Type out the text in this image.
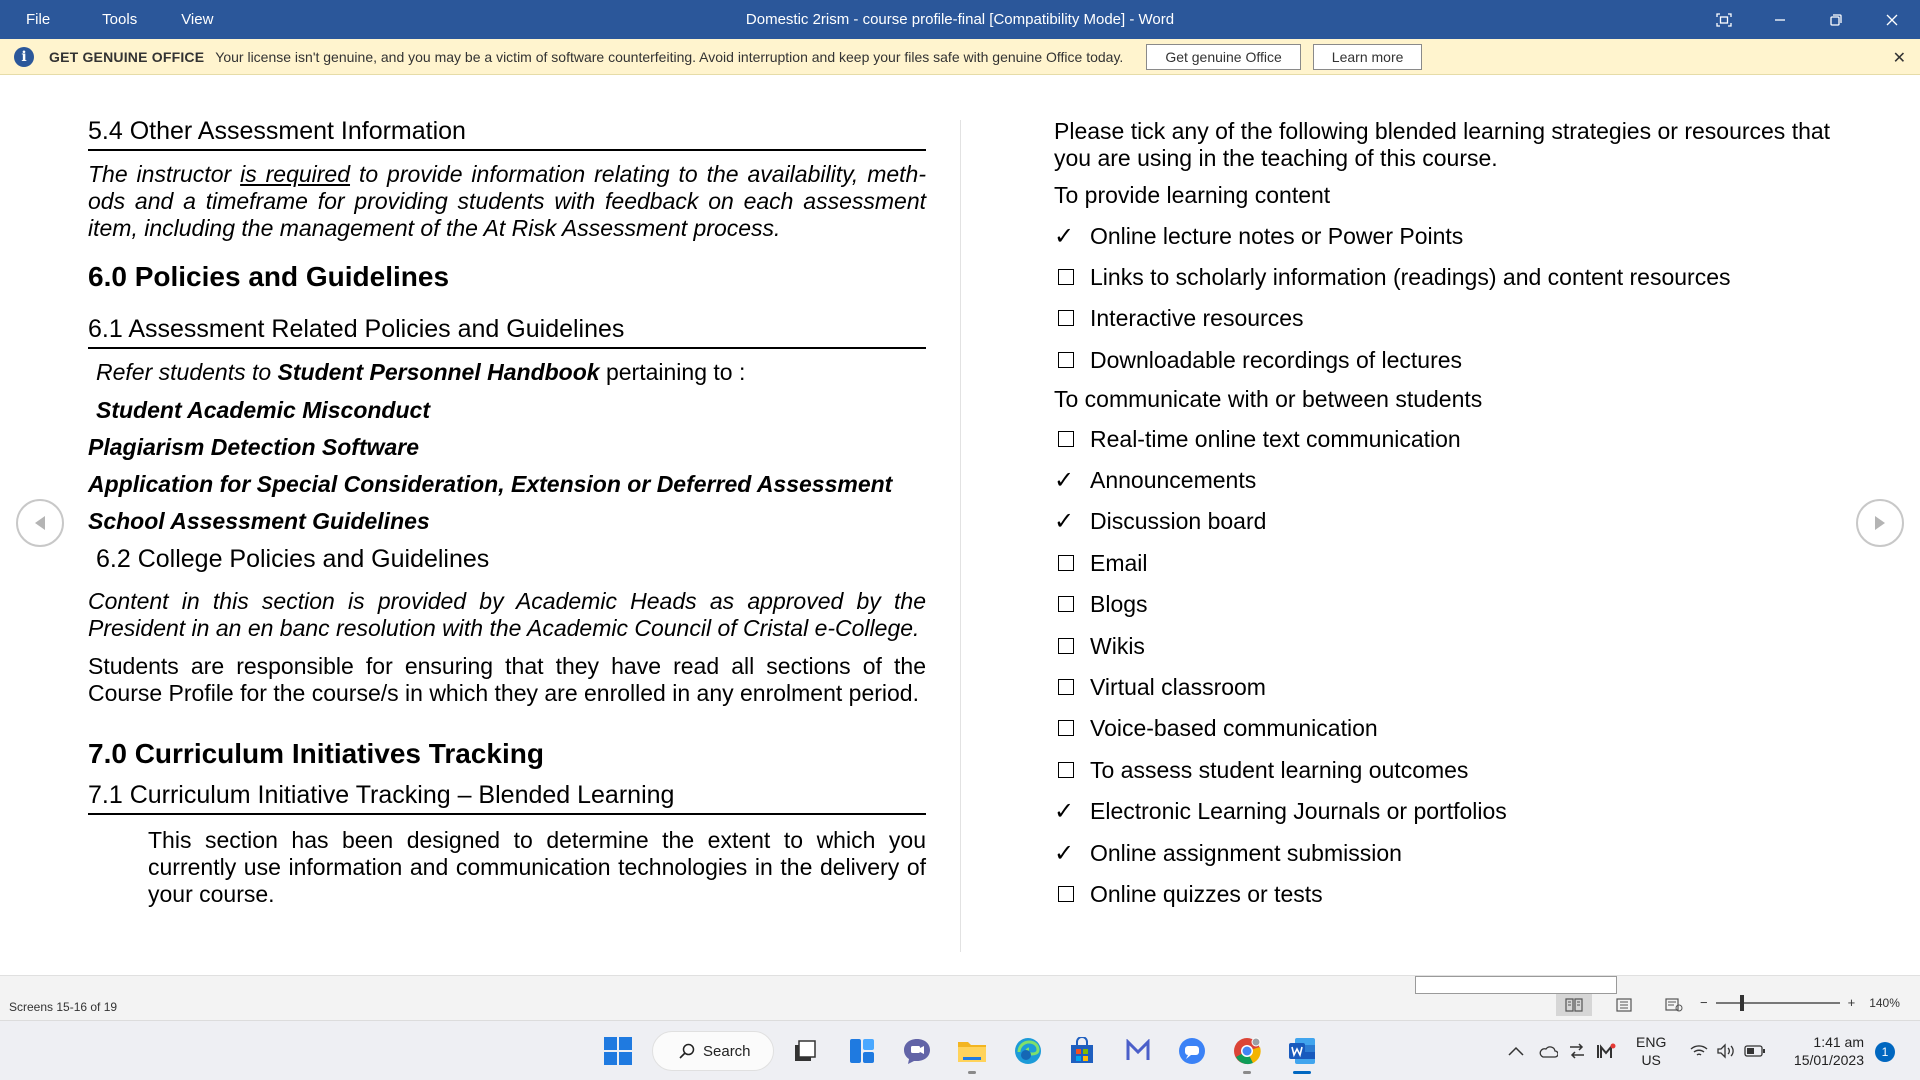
File	Tools	View	Domestic 2rism - course profile-final [Compatibility Mode] - Word
i	GET GENUINE OFFICE Your license isn't genuine, and you may be a victim of software counterfeiting. Avoid interruption and keep your files safe with genuine Office today.	Get genuine Office	Learn more	✕
5.4 Other Assessment Information
The instructor is required to provide information relating to the availability, methods and a timeframe for providing students with feedback on each assessment item, including the management of the At Risk Assessment process.
6.0 Policies and Guidelines
6.1 Assessment Related Policies and Guidelines
Refer students to Student Personnel Handbook pertaining to :
Student Academic Misconduct
Plagiarism Detection Software
Application for Special Consideration, Extension or Deferred Assessment
School Assessment Guidelines
6.2 College Policies and Guidelines
Content in this section is provided by Academic Heads as approved by the President in an en banc resolution with the Academic Council of Cristal e-College.
Students are responsible for ensuring that they have read all sections of the Course Profile for the course/s in which they are enrolled in any enrolment period.
7.0 Curriculum Initiatives Tracking
7.1 Curriculum Initiative Tracking – Blended Learning
This section has been designed to determine the extent to which you currently use information and communication technologies in the delivery of your course.
Please tick any of the following blended learning strategies or resources that you are using in the teaching of this course.
To provide learning content
To communicate with or between students
✓ Online lecture notes or Power Points
Links to scholarly information (readings) and content resources
Interactive resources
Downloadable recordings of lectures
Real-time online text communication
✓ Announcements
✓ Discussion board
Email
Blogs
Wikis
Virtual classroom
Voice-based communication
To assess student learning outcomes
✓ Electronic Learning Journals or portfolios
✓ Online assignment submission
Online quizzes or tests
Screens 15-16 of 19	−	+ 140%
Search
ENG
US
1:41 am
15/01/2023	1
